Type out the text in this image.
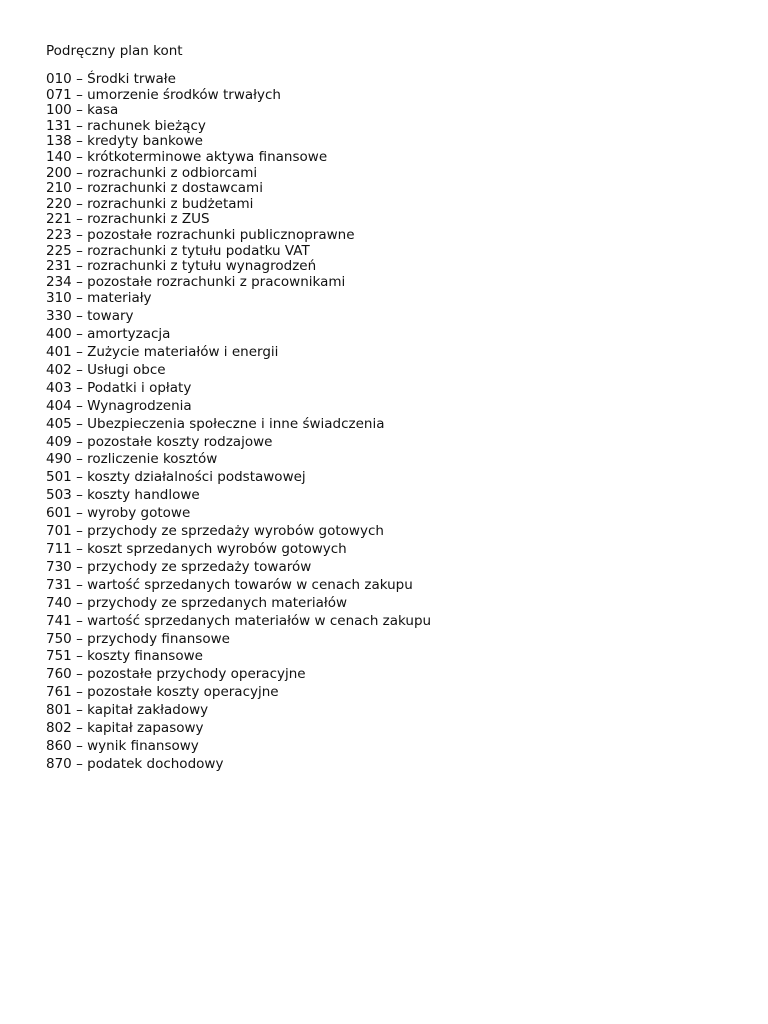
Podręczny plan kont
010 – Środki trwałe
071 – umorzenie środków trwałych
100 – kasa
131 – rachunek bieżący
138 – kredyty bankowe
140 – krótkoterminowe aktywa finansowe
200 – rozrachunki z odbiorcami
210 – rozrachunki z dostawcami
220 – rozrachunki z budżetami
221 – rozrachunki z ZUS
223 – pozostałe rozrachunki publicznoprawne
225 – rozrachunki z tytułu podatku VAT
231 – rozrachunki z tytułu wynagrodzeń
234 – pozostałe rozrachunki z pracownikami
310 – materiały
330 – towary
400 – amortyzacja
401 – Zużycie materiałów i energii
402 – Usługi obce
403 – Podatki i opłaty
404 – Wynagrodzenia
405 – Ubezpieczenia społeczne i inne świadczenia
409 – pozostałe koszty rodzajowe
490 – rozliczenie kosztów
501 – koszty działalności podstawowej
503 – koszty handlowe
601 – wyroby gotowe
701 – przychody ze sprzedaży wyrobów gotowych
711 – koszt sprzedanych wyrobów gotowych
730 – przychody ze sprzedaży towarów
731 – wartość sprzedanych towarów w cenach zakupu
740 – przychody ze sprzedanych materiałów
741 – wartość sprzedanych materiałów w cenach zakupu
750 – przychody finansowe
751 – koszty finansowe
760 – pozostałe przychody operacyjne
761 – pozostałe koszty operacyjne
801 – kapitał zakładowy
802 – kapitał zapasowy
860 – wynik finansowy
870 – podatek dochodowy
